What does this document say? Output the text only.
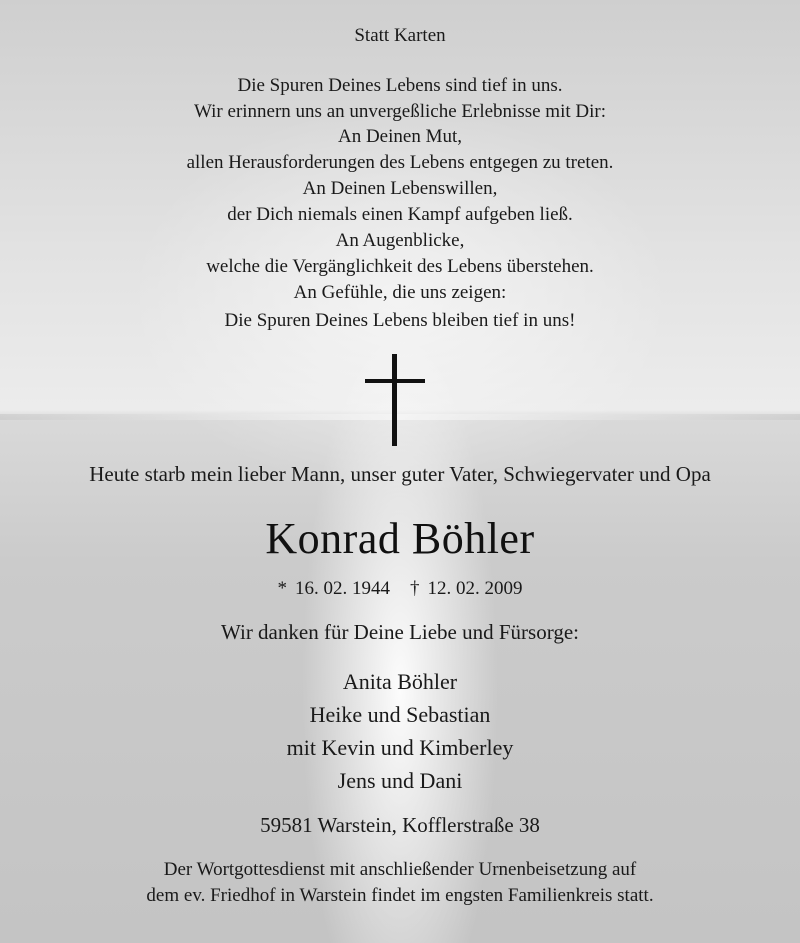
Statt Karten
Die Spuren Deines Lebens sind tief in uns.
Wir erinnern uns an unvergeßliche Erlebnisse mit Dir:
An Deinen Mut,
allen Herausforderungen des Lebens entgegen zu treten.
An Deinen Lebenswillen,
der Dich niemals einen Kampf aufgeben ließ.
An Augenblicke,
welche die Vergänglichkeit des Lebens überstehen.
An Gefühle, die uns zeigen:
Die Spuren Deines Lebens bleiben tief in uns!
Heute starb mein lieber Mann, unser guter Vater, Schwiegervater und Opa
Konrad Böhler
* 16. 02. 1944 † 12. 02. 2009
Wir danken für Deine Liebe und Fürsorge:
Anita Böhler
Heike und Sebastian
mit Kevin und Kimberley
Jens und Dani
59581 Warstein, Kofflerstraße 38
Der Wortgottesdienst mit anschließender Urnenbeisetzung auf
dem ev. Friedhof in Warstein findet im engsten Familienkreis statt.
